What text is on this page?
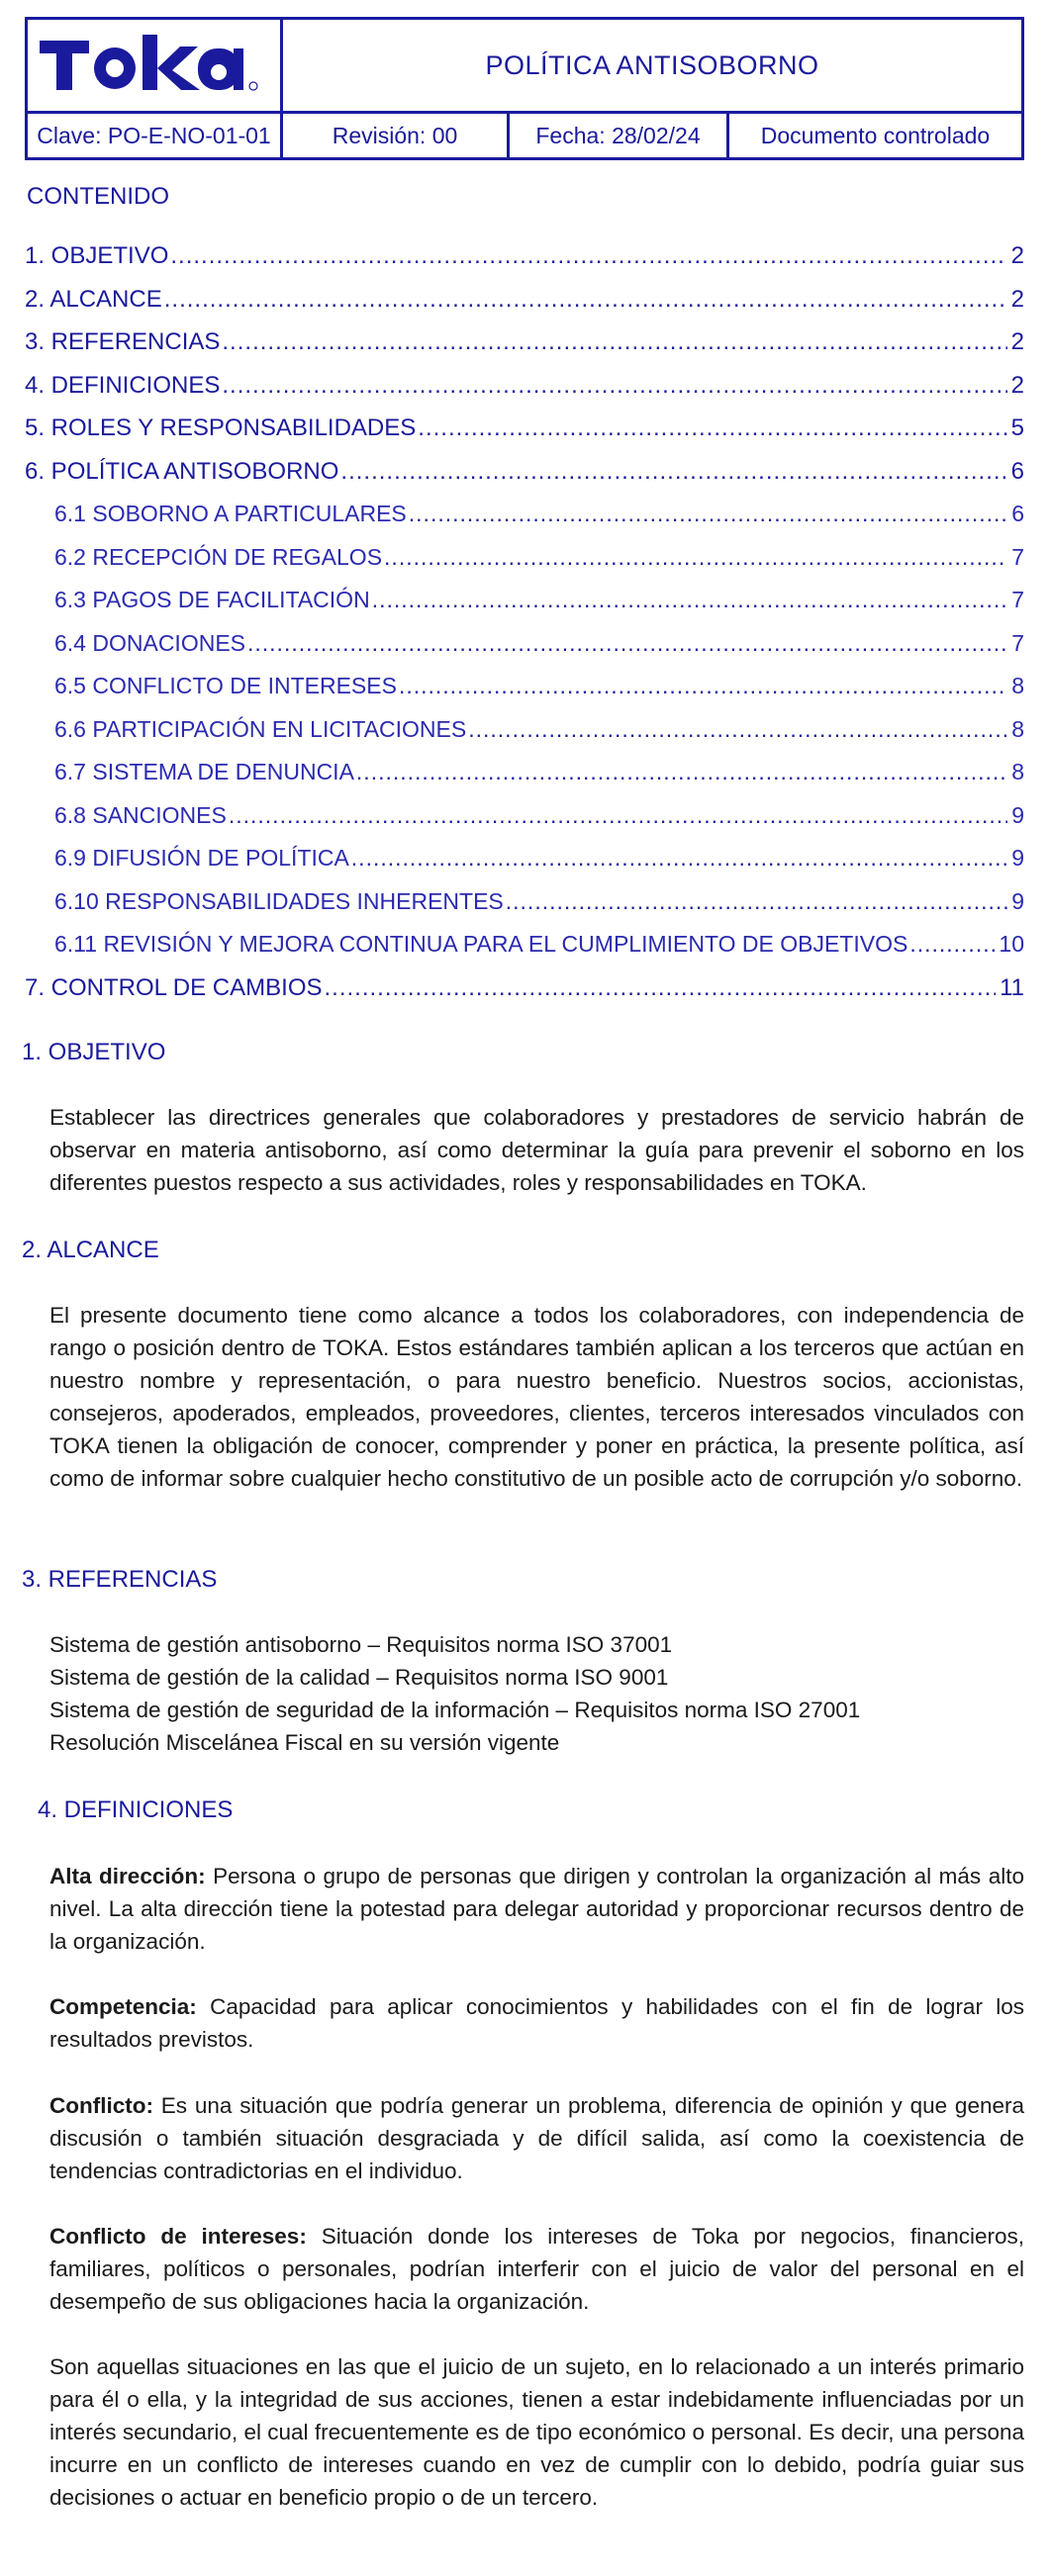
POLÍTICA ANTISOBORNO
Clave: PO-E-NO-01-01	Revisión: 00	Fecha: 28/02/24	Documento controlado
CONTENIDO
1. OBJETIVO .....	2
2. ALCANCE .....	2
3. REFERENCIAS .....	2
4. DEFINICIONES .....	2
5. ROLES Y RESPONSABILIDADES .....	5
6. POLÍTICA ANTISOBORNO .....	6
6.1 SOBORNO A PARTICULARES .....	6
6.2 RECEPCIÓN DE REGALOS .....	7
6.3 PAGOS DE FACILITACIÓN .....	7
6.4 DONACIONES .....	7
6.5 CONFLICTO DE INTERESES .....	8
6.6 PARTICIPACIÓN EN LICITACIONES .....	8
6.7 SISTEMA DE DENUNCIA .....	8
6.8 SANCIONES .....	9
6.9 DIFUSIÓN DE POLÍTICA .....	9
6.10 RESPONSABILIDADES INHERENTES .....	9
6.11 REVISIÓN Y MEJORA CONTINUA PARA EL CUMPLIMIENTO DE OBJETIVOS .....	10
7. CONTROL DE CAMBIOS .....	11
1. OBJETIVO
Establecer las directrices generales que colaboradores y prestadores de servicio habrán de observar en materia antisoborno, así como determinar la guía para prevenir el soborno en los diferentes puestos respecto a sus actividades, roles y responsabilidades en TOKA.
2. ALCANCE
El presente documento tiene como alcance a todos los colaboradores, con independencia de rango o posición dentro de TOKA. Estos estándares también aplican a los terceros que actúan en nuestro nombre y representación, o para nuestro beneficio. Nuestros socios, accionistas, consejeros, apoderados, empleados, proveedores, clientes, terceros interesados vinculados con TOKA tienen la obligación de conocer, comprender y poner en práctica, la presente política, así como de informar sobre cualquier hecho constitutivo de un posible acto de corrupción y/o soborno.
3. REFERENCIAS
Sistema de gestión antisoborno – Requisitos norma ISO 37001
Sistema de gestión de la calidad – Requisitos norma ISO 9001
Sistema de gestión de seguridad de la información – Requisitos norma ISO 27001
Resolución Miscelánea Fiscal en su versión vigente
4. DEFINICIONES
Alta dirección: Persona o grupo de personas que dirigen y controlan la organización al más alto nivel. La alta dirección tiene la potestad para delegar autoridad y proporcionar recursos dentro de la organización.
Competencia: Capacidad para aplicar conocimientos y habilidades con el fin de lograr los resultados previstos.
Conflicto: Es una situación que podría generar un problema, diferencia de opinión y que genera discusión o también situación desgraciada y de difícil salida, así como la coexistencia de tendencias contradictorias en el individuo.
Conflicto de intereses: Situación donde los intereses de Toka por negocios, financieros, familiares, políticos o personales, podrían interferir con el juicio de valor del personal en el desempeño de sus obligaciones hacia la organización.
Son aquellas situaciones en las que el juicio de un sujeto, en lo relacionado a un interés primario para él o ella, y la integridad de sus acciones, tienen a estar indebidamente influenciadas por un interés secundario, el cual frecuentemente es de tipo económico o personal. Es decir, una persona incurre en un conflicto de intereses cuando en vez de cumplir con lo debido, podría guiar sus decisiones o actuar en beneficio propio o de un tercero.
